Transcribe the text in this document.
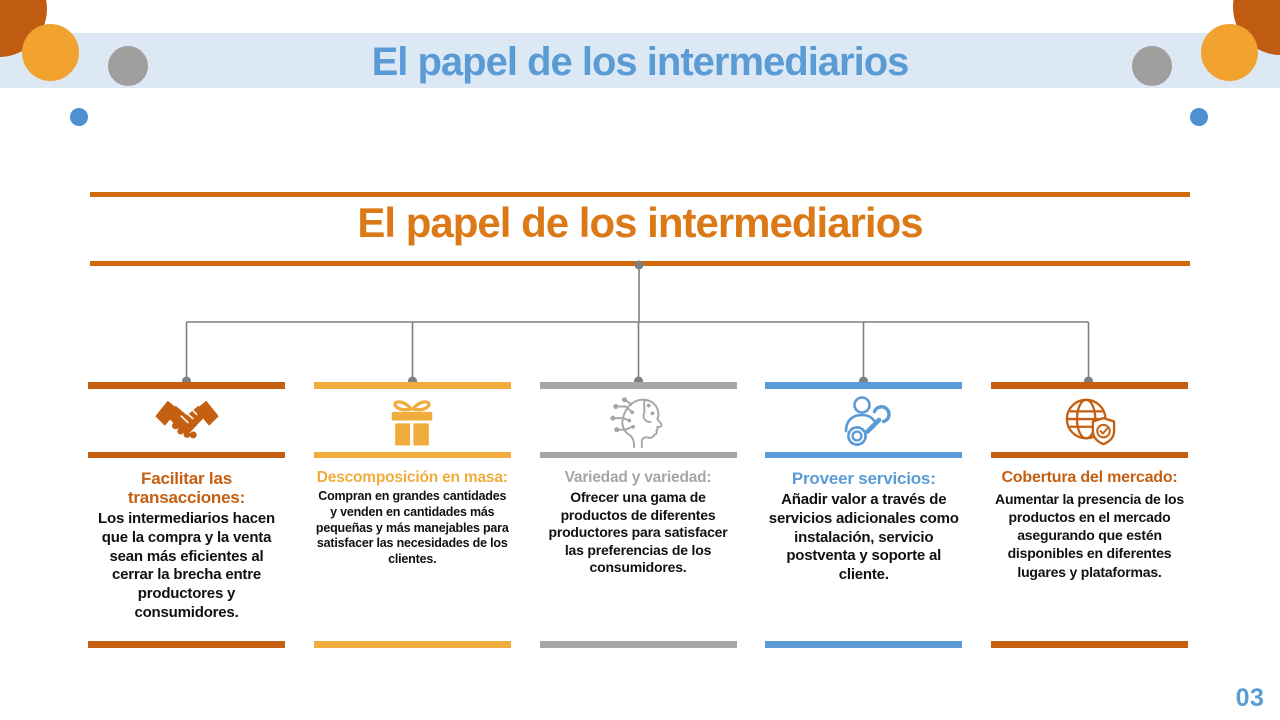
El papel de los intermediarios
El papel de los intermediarios
Facilitar las transacciones:
Los intermediarios hacen que la compra y la venta sean más eficientes al cerrar la brecha entre productores y consumidores.
Descomposición en masa:
Compran en grandes cantidades y venden en cantidades más pequeñas y más manejables para satisfacer las necesidades de los clientes.
Variedad y variedad:
Ofrecer una gama de productos de diferentes productores para satisfacer las preferencias de los consumidores.
Proveer servicios:
Añadir valor a través de servicios adicionales como instalación, servicio postventa y soporte al cliente.
Cobertura del mercado:
Aumentar la presencia de los productos en el mercado asegurando que estén disponibles en diferentes lugares y plataformas.
03
